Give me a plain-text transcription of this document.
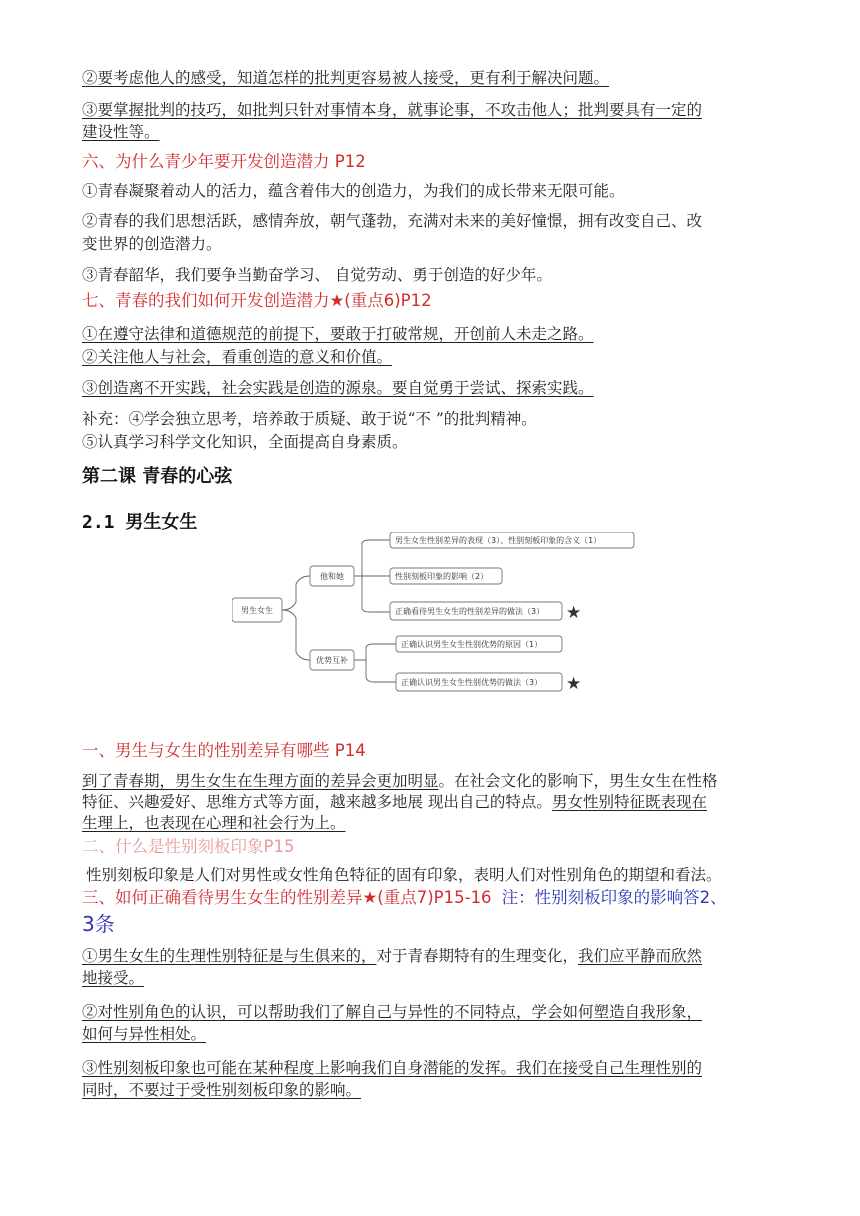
②要考虑他人的感受，知道怎样的批判更容易被人接受，更有利于解决问题。
③要掌握批判的技巧，如批判只针对事情本身，就事论事，不攻击他人；批判要具有一定的
建设性等。
六、为什么青少年要开发创造潜力 P12
①青春凝聚着动人的活力，蕴含着伟大的创造力，为我们的成长带来无限可能。
②青春的我们思想活跃，感情奔放，朝气蓬勃，充满对未来的美好憧憬，拥有改变自己、改
变世界的创造潜力。
③青春韶华，我们要争当勤奋学习、 自觉劳动、勇于创造的好少年。
七、青春的我们如何开发创造潜力★(重点6)P12
①在遵守法律和道德规范的前提下，要敢于打破常规，开创前人未走之路。
②关注他人与社会，看重创造的意义和价值。
③创造离不开实践，社会实践是创造的源泉。要自觉勇于尝试、探索实践。
补充：④学会独立思考，培养敢于质疑、敢于说“不 ”的批判精神。
⑤认真学习科学文化知识，全面提高自身素质。
第二课 青春的心弦
2.1 男生女生
男生女生
他和她
优势互补
男生女生性别差异的表现（3）、性别刻板印象的含义（1）
性别刻板印象的影响（2）
正确看待男生女生的性别差异的做法（3） ★
正确认识男生女生性别优势的原因（1）
正确认识男生女生性别优势的做法（3） ★
一、男生与女生的性别差异有哪些 P14
到了青春期，男生女生在生理方面的差异会更加明显。在社会文化的影响下，男生女生在性格
特征、兴趣爱好、思维方式等方面，越来越多地展 现出自己的特点。男女性别特征既表现在
生理上，也表现在心理和社会行为上。
二、什么是性别刻板印象P15
性别刻板印象是人们对男性或女性角色特征的固有印象，表明人们对性别角色的期望和看法。
三、如何正确看待男生女生的性别差异★(重点7)P15-16 注：性别刻板印象的影响答2、
3条
①男生女生的生理性别特征是与生俱来的，对于青春期特有的生理变化，我们应平静而欣然
地接受。
②对性别角色的认识，可以帮助我们了解自己与异性的不同特点，学会如何塑造自我形象，
如何与异性相处。
③性别刻板印象也可能在某种程度上影响我们自身潜能的发挥。我们在接受自己生理性别的
同时，不要过于受性别刻板印象的影响。
